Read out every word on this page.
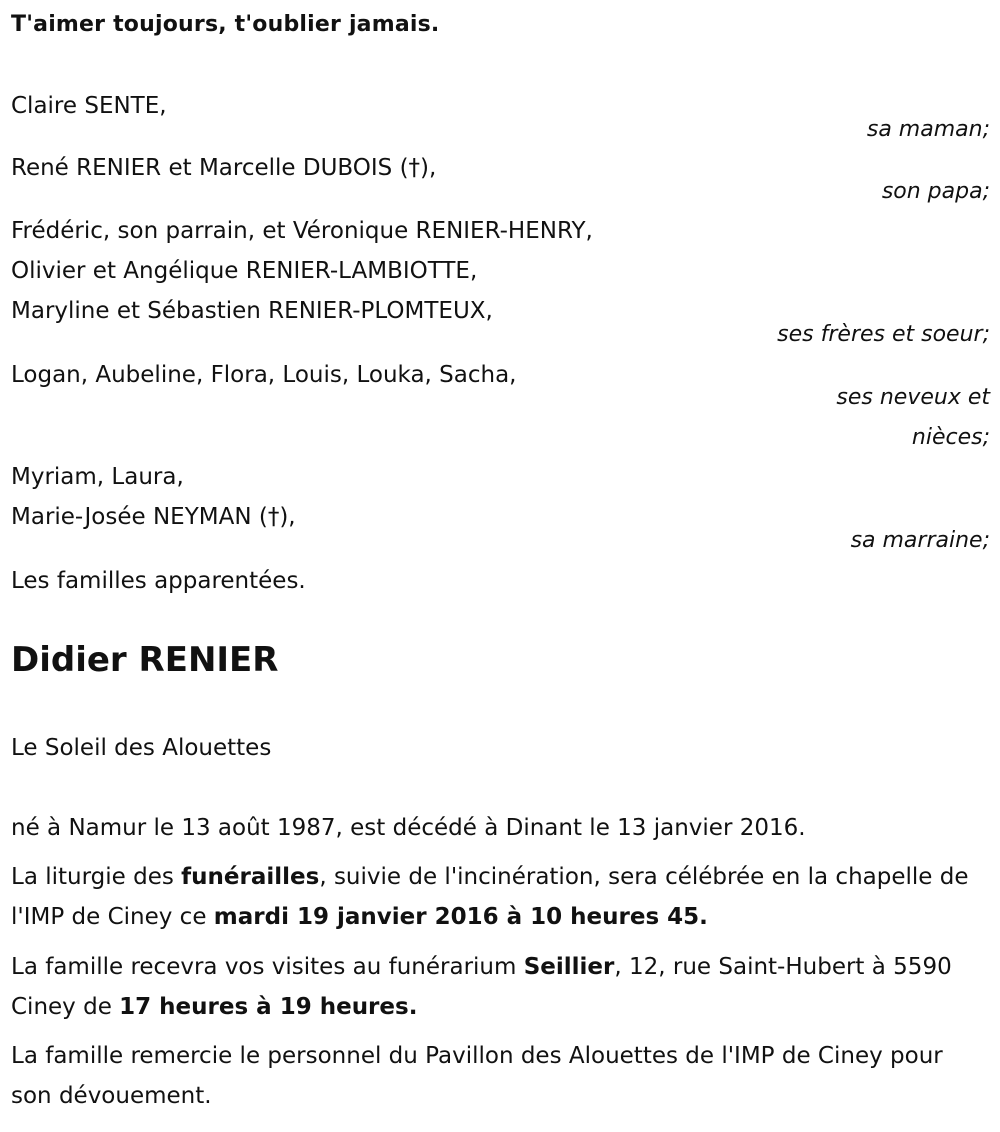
T'aimer toujours, t'oublier jamais.
Claire SENTE,
sa maman;
René RENIER et Marcelle DUBOIS (†),
son papa;
Frédéric, son parrain, et Véronique RENIER-HENRY,
Olivier et Angélique RENIER-LAMBIOTTE,
Maryline et Sébastien RENIER-PLOMTEUX,
ses frères et soeur;
Logan, Aubeline, Flora, Louis, Louka, Sacha,
ses neveux et
nièces;
Myriam, Laura,
Marie-Josée NEYMAN (†),
sa marraine;
Les familles apparentées.
Didier RENIER
Le Soleil des Alouettes
né à Namur le 13 août 1987, est décédé à Dinant le 13 janvier 2016.
La liturgie des funérailles, suivie de l'incinération, sera célébrée en la chapelle de l'IMP de Ciney ce mardi 19 janvier 2016 à 10 heures 45.
La famille recevra vos visites au funérarium Seillier, 12, rue Saint-Hubert à 5590 Ciney de 17 heures à 19 heures.
La famille remercie le personnel du Pavillon des Alouettes de l'IMP de Ciney pour son dévouement.
